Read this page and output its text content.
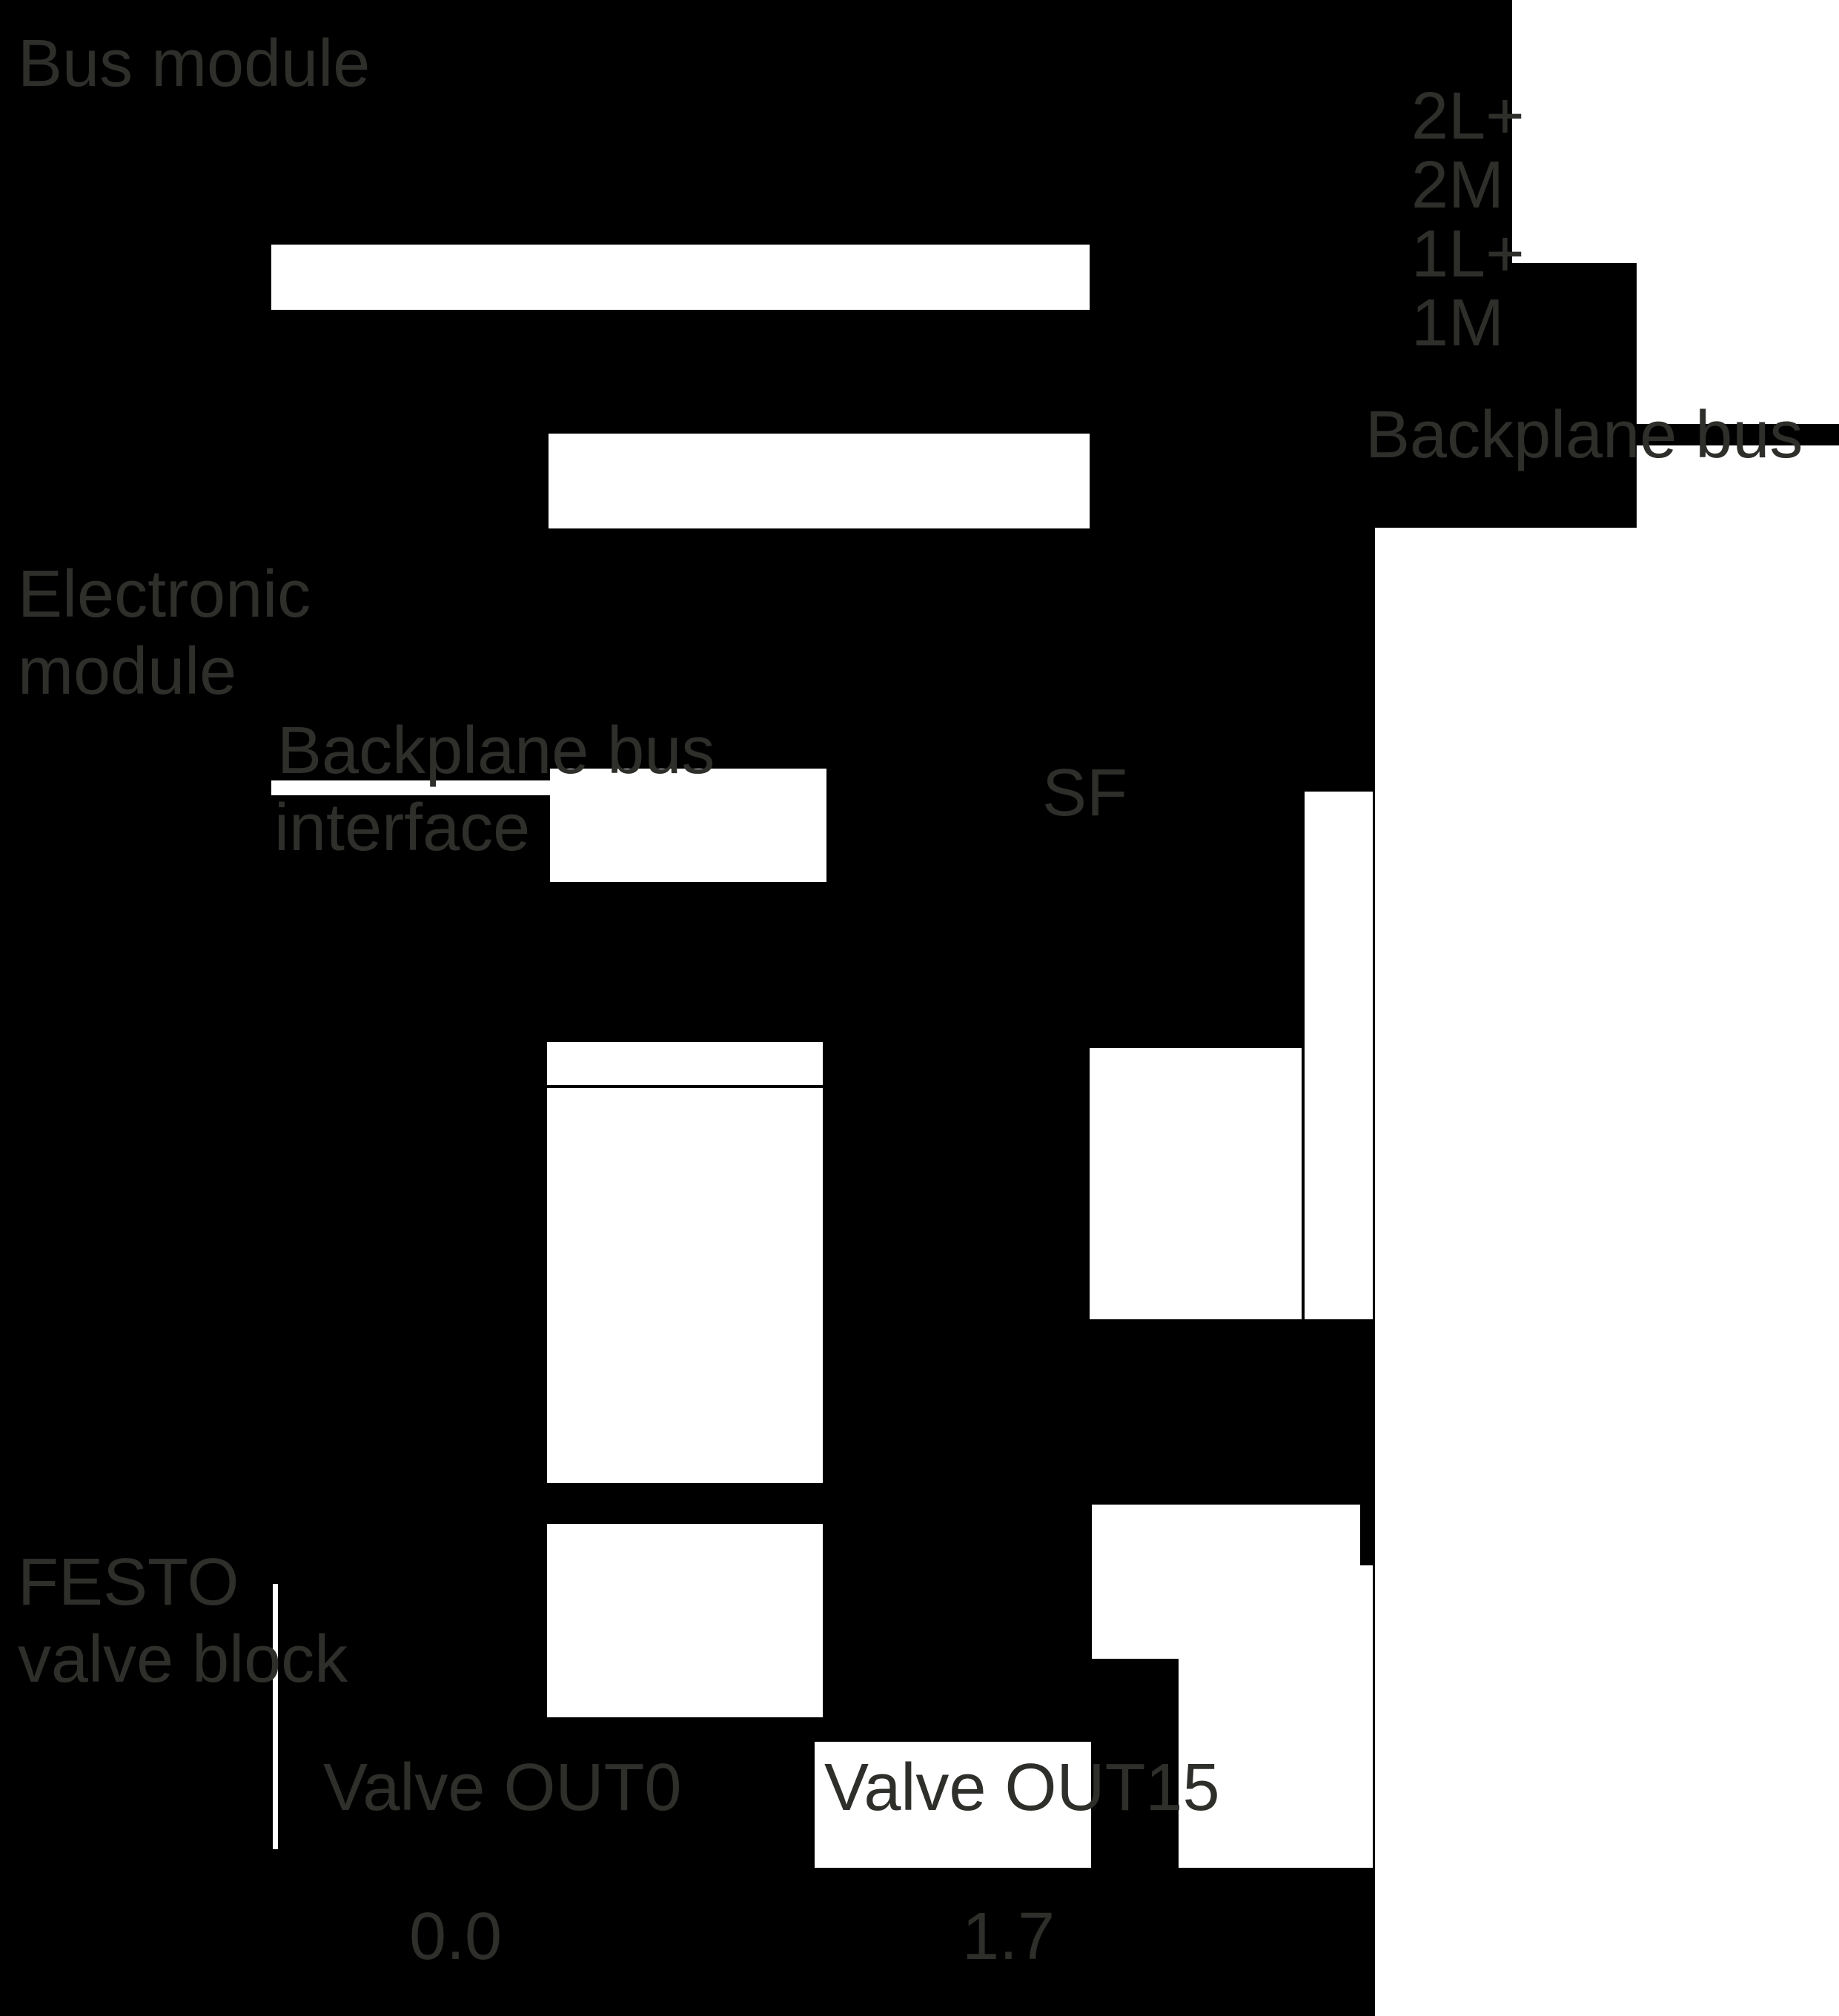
Bus module
2L+
2M
1L+
1M
Backplane bus
Electronic
module
Backplane bus
interface	SF
FESTO
valve block
Valve OUT0 Valve OUT15
0.0	1.7
